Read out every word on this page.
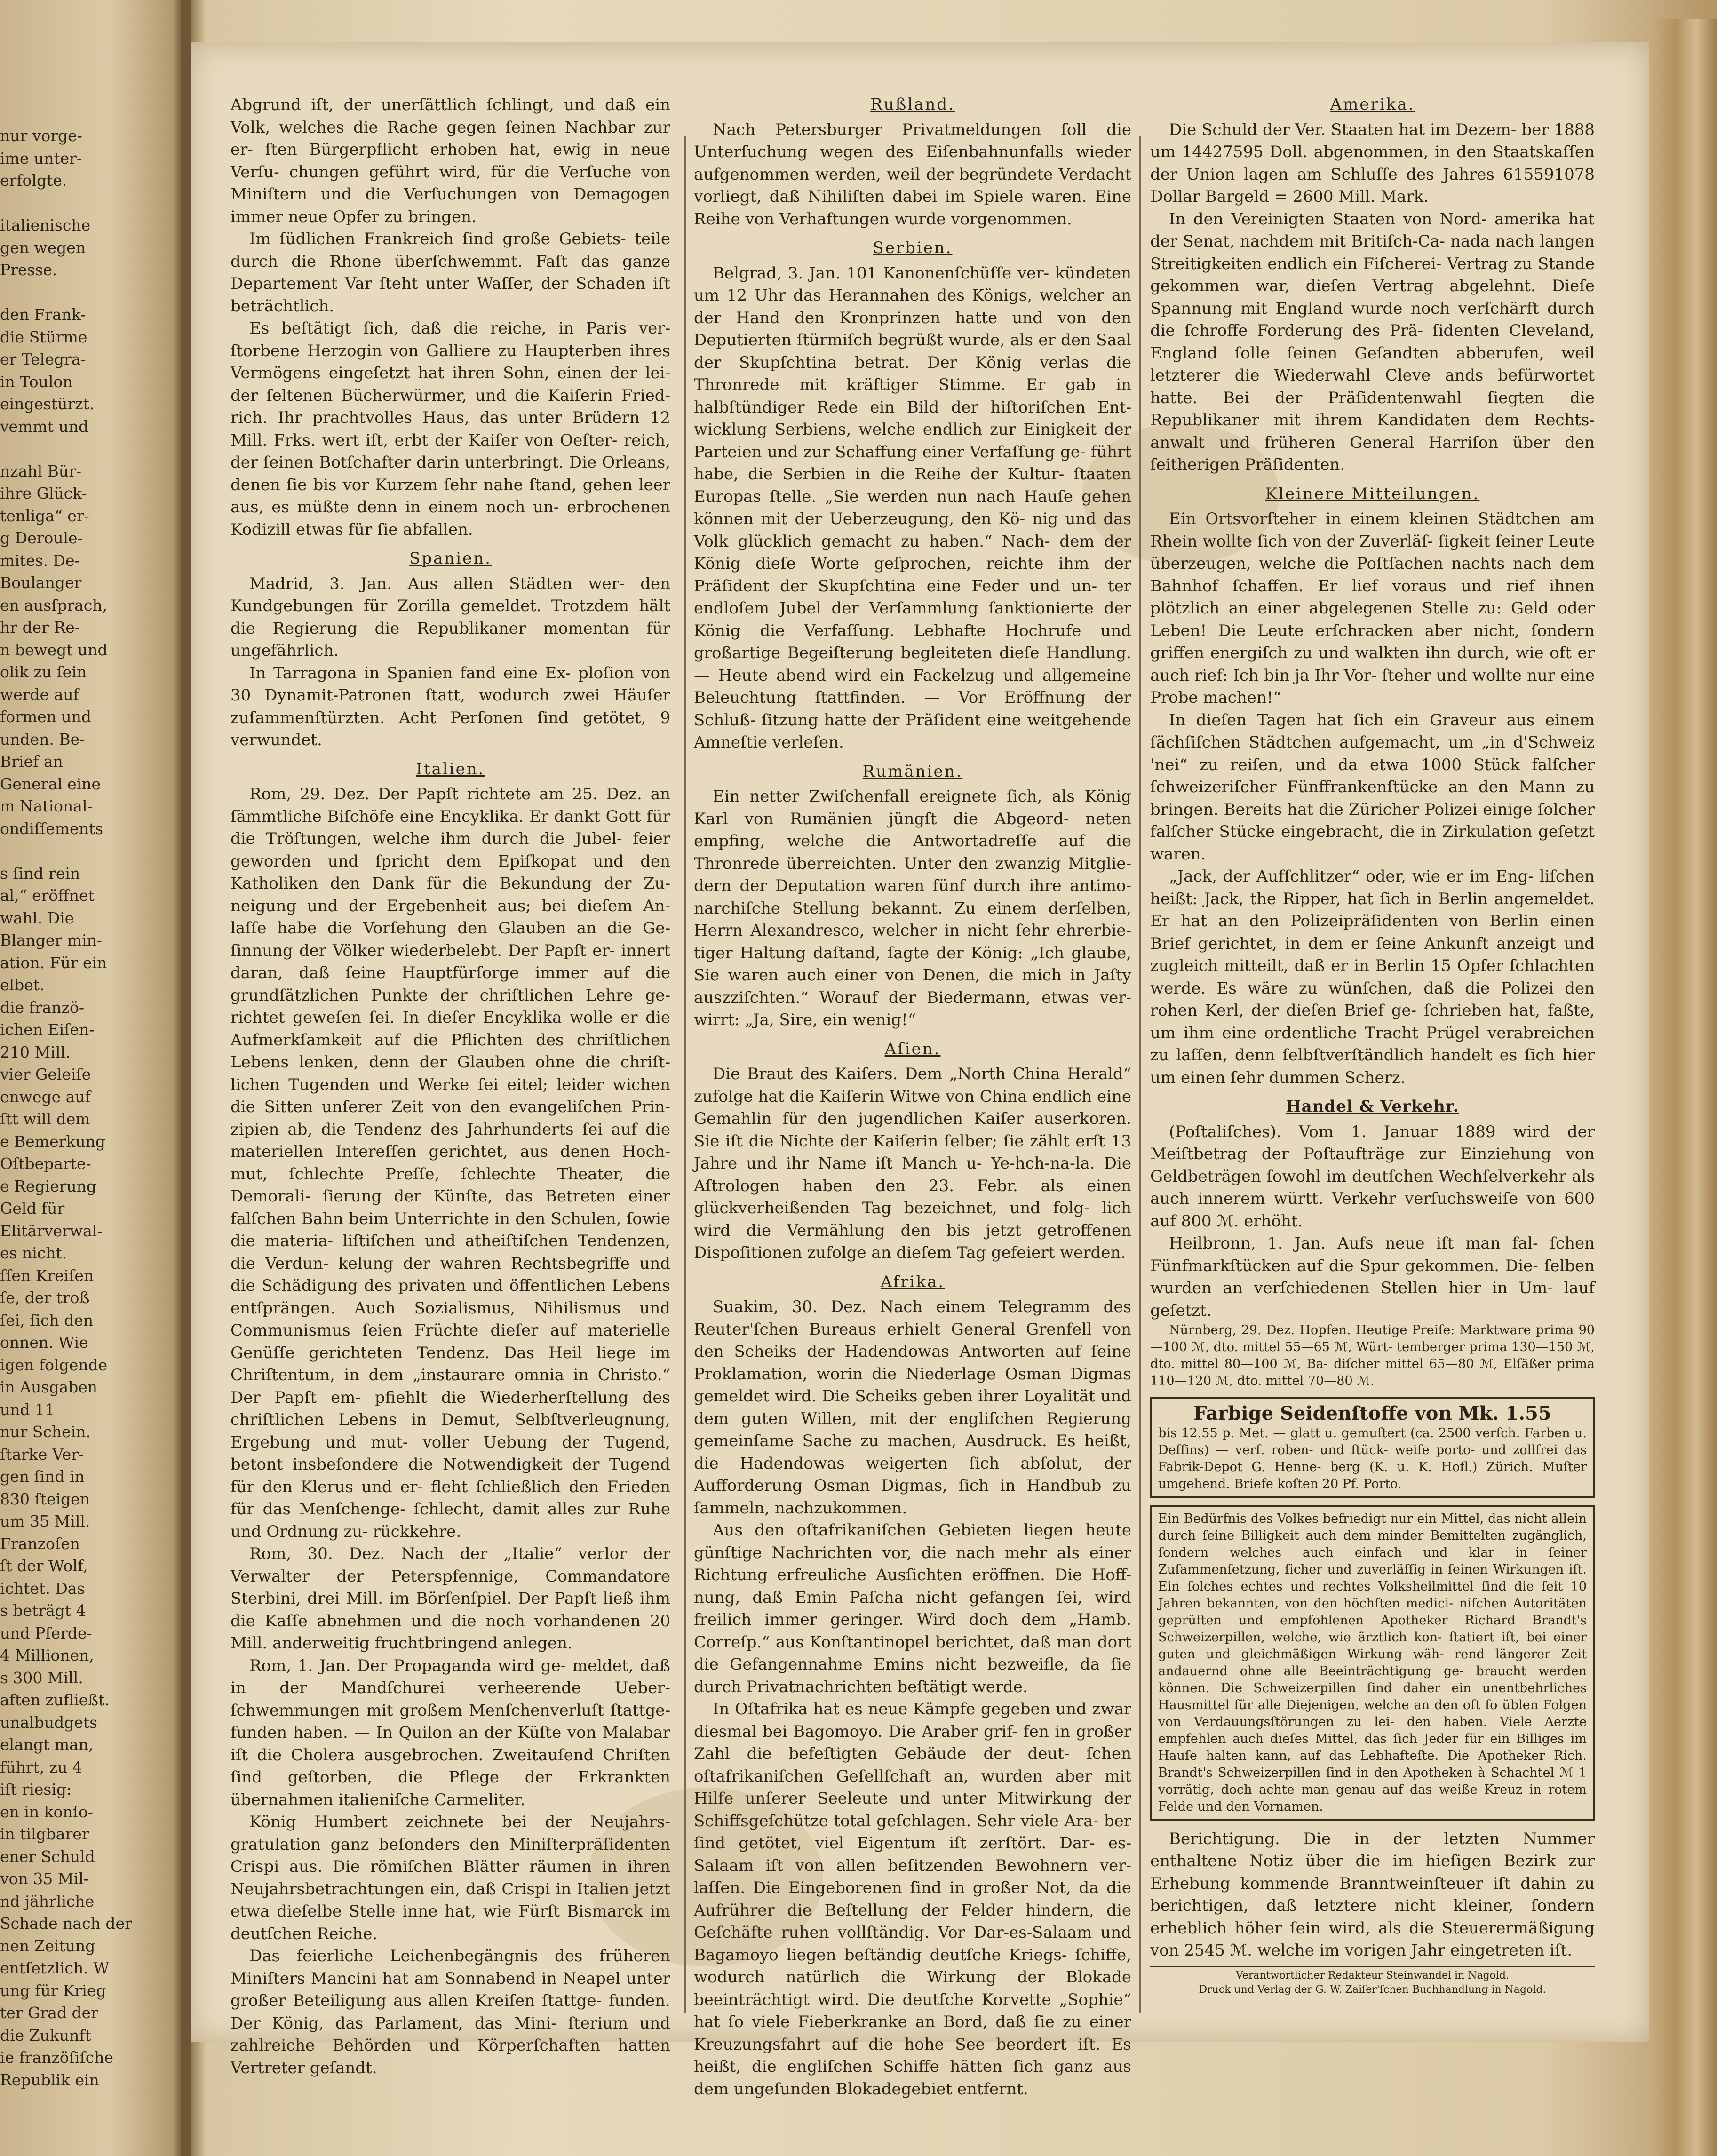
nur vorge-
ime unter-
erfolgte.

italienische
gen wegen
Presse.

den Frank-
die Stürme
er Telegra-
in Toulon
eingestürzt.
vemmt und

nzahl Bür-
ihre Glück-
tenliga“ er-
g Deroule-
mites. De-
Boulanger
en ausſprach,
hr der Re-
n bewegt und
olik zu ſein
werde auf
formen und
unden. Be-
Brief an
General eine
m National-
ondiſſements

s ſind rein
al,“ eröffnet
wahl. Die
Blanger min-
ation. Für ein
elbet.
die franzö-
ichen Eiſen-
210 Mill.
vier Geleiſe
enwege auf
ſtt will dem
e Bemerkung
Oſtbeparte-
e Regierung
Geld für
Elitärverwal-
es nicht.
ſſen Kreiſen
ſe, der troß
ſei, ſich den
onnen. Wie
igen folgende
in Ausgaben
und 11
nur Schein.
ſtarke Ver-
gen ſind in
830 ſteigen
um 35 Mill.
Franzoſen
ſt der Wolf,
ichtet. Das
s beträgt 4
und Pferde-
4 Millionen,
s 300 Mill.
aften zufließt.
unalbudgets
elangt man,
führt, zu 4
iſt riesig:
en in konſo-
in tilgbarer
ener Schuld
von 35 Mil-
nd jährliche
Schade nach der
nen Zeitung
entſetzlich. W
ung für Krieg
ter Grad der
die Zukunft
ie franzöſiſche
Republik ein

Abgrund iſt, der unerſättlich ſchlingt, und daß ein Volk, welches die Rache gegen ſeinen Nachbar zur er- ſten Bürgerpflicht erhoben hat, ewig in neue Verſu- chungen geführt wird, für die Verſuche von Miniſtern und die Verſuchungen von Demagogen immer neue Opfer zu bringen.

Im ſüdlichen Frankreich ſind große Gebiets- teile durch die Rhone überſchwemmt. Faſt das ganze Departement Var ſteht unter Waſſer, der Schaden iſt beträchtlich.

Es beſtätigt ſich, daß die reiche, in Paris ver- ſtorbene Herzogin von Galliere zu Haupterben ihres Vermögens eingeſetzt hat ihren Sohn, einen der lei- der ſeltenen Bücherwürmer, und die Kaiſerin Fried- rich. Ihr prachtvolles Haus, das unter Brüdern 12 Mill. Frks. wert iſt, erbt der Kaiſer von Oeſter- reich, der ſeinen Botſchafter darin unterbringt. Die Orleans, denen ſie bis vor Kurzem ſehr nahe ſtand, gehen leer aus, es müßte denn in einem noch un- erbrochenen Kodizill etwas für ſie abfallen.

Spanien.

Madrid, 3. Jan. Aus allen Städten wer- den Kundgebungen für Zorilla gemeldet. Trotzdem hält die Regierung die Republikaner momentan für ungefährlich.

In Tarragona in Spanien fand eine Ex- ploſion von 30 Dynamit-Patronen ſtatt, wodurch zwei Häuſer zuſammenſtürzten. Acht Perſonen ſind getötet, 9 verwundet.

Italien.

Rom, 29. Dez. Der Papſt richtete am 25. Dez. an ſämmtliche Biſchöfe eine Encyklika. Er dankt Gott für die Tröſtungen, welche ihm durch die Jubel- feier geworden und ſpricht dem Epiſkopat und den Katholiken den Dank für die Bekundung der Zu- neigung und der Ergebenheit aus; bei dieſem An- laſſe habe die Vorſehung den Glauben an die Ge- ſinnung der Völker wiederbelebt. Der Papſt er- innert daran, daß ſeine Hauptfürſorge immer auf die grundſätzlichen Punkte der chriſtlichen Lehre ge- richtet geweſen ſei. In dieſer Encyklika wolle er die Aufmerkſamkeit auf die Pflichten des chriſtlichen Lebens lenken, denn der Glauben ohne die chriſt- lichen Tugenden und Werke ſei eitel; leider wichen die Sitten unſerer Zeit von den evangeliſchen Prin- zipien ab, die Tendenz des Jahrhunderts ſei auf die materiellen Intereſſen gerichtet, aus denen Hoch- mut, ſchlechte Preſſe, ſchlechte Theater, die Demorali- ſierung der Künſte, das Betreten einer falſchen Bahn beim Unterrichte in den Schulen, ſowie die materia- liſtiſchen und atheiſtiſchen Tendenzen, die Verdun- kelung der wahren Rechtsbegriffe und die Schädigung des privaten und öffentlichen Lebens entſprängen. Auch Sozialismus, Nihilismus und Communismus ſeien Früchte dieſer auf materielle Genüſſe gerichteten Tendenz. Das Heil liege im Chriſtentum, in dem „instaurare omnia in Christo.“ Der Papſt em- pfiehlt die Wiederherſtellung des chriſtlichen Lebens in Demut, Selbſtverleugnung, Ergebung und mut- voller Uebung der Tugend, betont insbeſondere die Notwendigkeit der Tugend für den Klerus und er- fleht ſchließlich den Frieden für das Menſchenge- ſchlecht, damit alles zur Ruhe und Ordnung zu- rückkehre.

Rom, 30. Dez. Nach der „Italie“ verlor der Verwalter der Peterspfennige, Commandatore Sterbini, drei Mill. im Börſenſpiel. Der Papſt ließ ihm die Kaſſe abnehmen und die noch vorhandenen 20 Mill. anderweitig fruchtbringend anlegen.

Rom, 1. Jan. Der Propaganda wird ge- meldet, daß in der Mandſchurei verheerende Ueber- ſchwemmungen mit großem Menſchenverluſt ſtattge- funden haben. — In Quilon an der Küſte von Malabar iſt die Cholera ausgebrochen. Zweitauſend Chriſten ſind geſtorben, die Pflege der Erkrankten übernahmen italieniſche Carmeliter.

König Humbert zeichnete bei der Neujahrs- gratulation ganz beſonders den Miniſterpräſidenten Crispi aus. Die römiſchen Blätter räumen in ihren Neujahrsbetrachtungen ein, daß Crispi in Italien jetzt etwa dieſelbe Stelle inne hat, wie Fürſt Bismarck im deutſchen Reiche.

Das feierliche Leichenbegängnis des früheren Miniſters Mancini hat am Sonnabend in Neapel unter großer Beteiligung aus allen Kreiſen ſtattge- funden. Der König, das Parlament, das Mini- ſterium und zahlreiche Behörden und Körperſchaften hatten Vertreter geſandt.

Rußland.

Nach Petersburger Privatmeldungen ſoll die Unterſuchung wegen des Eiſenbahnunfalls wieder aufgenommen werden, weil der begründete Verdacht vorliegt, daß Nihiliſten dabei im Spiele waren. Eine Reihe von Verhaftungen wurde vorgenommen.

Serbien.

Belgrad, 3. Jan. 101 Kanonenſchüſſe ver- kündeten um 12 Uhr das Herannahen des Königs, welcher an der Hand den Kronprinzen hatte und von den Deputierten ſtürmiſch begrüßt wurde, als er den Saal der Skupſchtina betrat. Der König verlas die Thronrede mit kräftiger Stimme. Er gab in halbſtündiger Rede ein Bild der hiſtoriſchen Ent- wicklung Serbiens, welche endlich zur Einigkeit der Parteien und zur Schaffung einer Verfaſſung ge- führt habe, die Serbien in die Reihe der Kultur- ſtaaten Europas ſtelle. „Sie werden nun nach Hauſe gehen können mit der Ueberzeugung, den Kö- nig und das Volk glücklich gemacht zu haben.“ Nach- dem der König dieſe Worte geſprochen, reichte ihm der Präſident der Skupſchtina eine Feder und un- ter endloſem Jubel der Verſammlung ſanktionierte der König die Verfaſſung. Lebhafte Hochrufe und großartige Begeiſterung begleiteten dieſe Handlung. — Heute abend wird ein Fackelzug und allgemeine Beleuchtung ſtattfinden. — Vor Eröffnung der Schluß- ſitzung hatte der Präſident eine weitgehende Amneſtie verleſen.

Rumänien.

Ein netter Zwiſchenfall ereignete ſich, als König Karl von Rumänien jüngſt die Abgeord- neten empfing, welche die Antwortadreſſe auf die Thronrede überreichten. Unter den zwanzig Mitglie- dern der Deputation waren fünf durch ihre antimo- narchiſche Stellung bekannt. Zu einem derſelben, Herrn Alexandresco, welcher in nicht ſehr ehrerbie- tiger Haltung daſtand, ſagte der König: „Ich glaube, Sie waren auch einer von Denen, die mich in Jaſty auszziſchten.“ Worauf der Biedermann, etwas ver- wirrt: „Ja, Sire, ein wenig!“

Aſien.

Die Braut des Kaiſers. Dem „North China Herald“ zufolge hat die Kaiſerin Witwe von China endlich eine Gemahlin für den jugendlichen Kaiſer auserkoren. Sie iſt die Nichte der Kaiſerin ſelber; ſie zählt erſt 13 Jahre und ihr Name iſt Manch u- Ye-hch-na-la. Die Aſtrologen haben den 23. Febr. als einen glückverheißenden Tag bezeichnet, und folg- lich wird die Vermählung den bis jetzt getroffenen Dispoſitionen zufolge an dieſem Tag gefeiert werden.

Afrika.

Suakim, 30. Dez. Nach einem Telegramm des Reuter'ſchen Bureaus erhielt General Grenfell von den Scheiks der Hadendowas Antworten auf ſeine Proklamation, worin die Niederlage Osman Digmas gemeldet wird. Die Scheiks geben ihrer Loyalität und dem guten Willen, mit der engliſchen Regierung gemeinſame Sache zu machen, Ausdruck. Es heißt, die Hadendowas weigerten ſich abſolut, der Aufforderung Osman Digmas, ſich in Handbub zu ſammeln, nachzukommen.

Aus den oſtafrikaniſchen Gebieten liegen heute günſtige Nachrichten vor, die nach mehr als einer Richtung erfreuliche Ausſichten eröffnen. Die Hoff- nung, daß Emin Paſcha nicht gefangen ſei, wird freilich immer geringer. Wird doch dem „Hamb. Correſp.“ aus Konſtantinopel berichtet, daß man dort die Gefangennahme Emins nicht bezweifle, da ſie durch Privatnachrichten beſtätigt werde.

In Oſtafrika hat es neue Kämpfe gegeben und zwar diesmal bei Bagomoyo. Die Araber grif- fen in großer Zahl die befeſtigten Gebäude der deut- ſchen oſtafrikaniſchen Geſellſchaft an, wurden aber mit Hilfe unſerer Seeleute und unter Mitwirkung der Schiffsgeſchütze total geſchlagen. Sehr viele Ara- ber ſind getötet, viel Eigentum iſt zerſtört. Dar- es-Salaam iſt von allen beſitzenden Bewohnern ver- laſſen. Die Eingeborenen ſind in großer Not, da die Aufrührer die Beſtellung der Felder hindern, die Geſchäfte ruhen vollſtändig. Vor Dar-es-Salaam und Bagamoyo liegen beſtändig deutſche Kriegs- ſchiffe, wodurch natürlich die Wirkung der Blokade beeinträchtigt wird. Die deutſche Korvette „Sophie“ hat ſo viele Fieberkranke an Bord, daß ſie zu einer Kreuzungsfahrt auf die hohe See beordert iſt. Es heißt, die engliſchen Schiffe hätten ſich ganz aus dem ungeſunden Blokadegebiet entfernt.

Amerika.

Die Schuld der Ver. Staaten hat im Dezem- ber 1888 um 14427595 Doll. abgenommen, in den Staatskaſſen der Union lagen am Schluſſe des Jahres 615591078 Dollar Bargeld = 2600 Mill. Mark.

In den Vereinigten Staaten von Nord- amerika hat der Senat, nachdem mit Britiſch-Ca- nada nach langen Streitigkeiten endlich ein Fiſcherei- Vertrag zu Stande gekommen war, dieſen Vertrag abgelehnt. Dieſe Spannung mit England wurde noch verſchärft durch die ſchroffe Forderung des Prä- ſidenten Cleveland, England ſolle ſeinen Geſandten abberufen, weil letzterer die Wiederwahl Cleve ands befürwortet hatte. Bei der Präſidentenwahl ſiegten die Republikaner mit ihrem Kandidaten dem Rechts- anwalt und früheren General Harriſon über den ſeitherigen Präſidenten.

Kleinere Mitteilungen.

Ein Ortsvorſteher in einem kleinen Städtchen am Rhein wollte ſich von der Zuverläſ- ſigkeit ſeiner Leute überzeugen, welche die Poſtſachen nachts nach dem Bahnhof ſchaffen. Er lief voraus und rief ihnen plötzlich an einer abgelegenen Stelle zu: Geld oder Leben! Die Leute erſchracken aber nicht, ſondern griffen energiſch zu und walkten ihn durch, wie oft er auch rief: Ich bin ja Ihr Vor- ſteher und wollte nur eine Probe machen!“

In dieſen Tagen hat ſich ein Graveur aus einem ſächſiſchen Städtchen aufgemacht, um „in d'Schweiz 'nei“ zu reiſen, und da etwa 1000 Stück falſcher ſchweizeriſcher Fünffrankenſtücke an den Mann zu bringen. Bereits hat die Züricher Polizei einige ſolcher falſcher Stücke eingebracht, die in Zirkulation geſetzt waren.

„Jack, der Aufſchlitzer“ oder, wie er im Eng- liſchen heißt: Jack, the Ripper, hat ſich in Berlin angemeldet. Er hat an den Polizeipräſidenten von Berlin einen Brief gerichtet, in dem er ſeine Ankunft anzeigt und zugleich mitteilt, daß er in Berlin 15 Opfer ſchlachten werde. Es wäre zu wünſchen, daß die Polizei den rohen Kerl, der dieſen Brief ge- ſchrieben hat, faßte, um ihm eine ordentliche Tracht Prügel verabreichen zu laſſen, denn ſelbſtverſtändlich handelt es ſich hier um einen ſehr dummen Scherz.

Handel & Verkehr.

(Poſtaliſches). Vom 1. Januar 1889 wird der Meiſtbetrag der Poſtaufträge zur Einziehung von Geldbeträgen ſowohl im deutſchen Wechſelverkehr als auch innerem württ. Verkehr verſuchsweiſe von 600 auf 800 ℳ. erhöht.

Heilbronn, 1. Jan. Aufs neue iſt man fal- ſchen Fünfmarkſtücken auf die Spur gekommen. Die- ſelben wurden an verſchiedenen Stellen hier in Um- lauf geſetzt.

Nürnberg, 29. Dez. Hopfen. Heutige Preiſe: Marktware prima 90—100 ℳ, dto. mittel 55—65 ℳ, Würt- temberger prima 130—150 ℳ, dto. mittel 80—100 ℳ, Ba- diſcher mittel 65—80 ℳ, Elſäßer prima 110—120 ℳ, dto. mittel 70—80 ℳ.

Farbige Seidenſtoffe von Mk. 1.55
bis 12.55 p. Met. — glatt u. gemuſtert (ca. 2500 verſch. Farben u. Deſſins) — verſ. roben- und ſtück- weiſe porto- und zollfrei das Fabrik-Depot G. Henne- berg (K. u. K. Hofl.) Zürich. Muſter umgehend. Briefe koſten 20 Pf. Porto.
Ein Bedürfnis des Volkes befriedigt nur ein Mittel, das nicht allein durch ſeine Billigkeit auch dem minder Bemittelten zugänglich, ſondern welches auch einfach und klar in ſeiner Zuſammenſetzung, ſicher und zuverläſſig in ſeinen Wirkungen iſt. Ein ſolches echtes und rechtes Volksheilmittel ſind die ſeit 10 Jahren bekannten, von den höchſten medici- niſchen Autoritäten geprüften und empfohlenen Apotheker Richard Brandt's Schweizerpillen, welche, wie ärztlich kon- ſtatiert iſt, bei einer guten und gleichmäßigen Wirkung wäh- rend längerer Zeit andauernd ohne alle Beeinträchtigung ge- braucht werden können. Die Schweizerpillen ſind daher ein unentbehrliches Hausmittel für alle Diejenigen, welche an den oft ſo üblen Folgen von Verdauungsſtörungen zu lei- den haben. Viele Aerzte empfehlen auch dieſes Mittel, das ſich Jeder für ein Billiges im Hauſe halten kann, auf das Lebhafteſte. Die Apotheker Rich. Brandt's Schweizerpillen ſind in den Apotheken à Schachtel ℳ 1 vorrätig, doch achte man genau auf das weiße Kreuz in rotem Felde und den Vornamen.

Berichtigung. Die in der letzten Nummer enthaltene Notiz über die im hieſigen Bezirk zur Erhebung kommende Branntweinſteuer iſt dahin zu berichtigen, daß letztere nicht kleiner, ſondern erheblich höher ſein wird, als die Steuerermäßigung von 2545 ℳ. welche im vorigen Jahr eingetreten iſt.

Verantwortlicher Redakteur Steinwandel in Nagold.
Druck und Verlag der G. W. Zaiſer'ſchen Buchhandlung in Nagold.
